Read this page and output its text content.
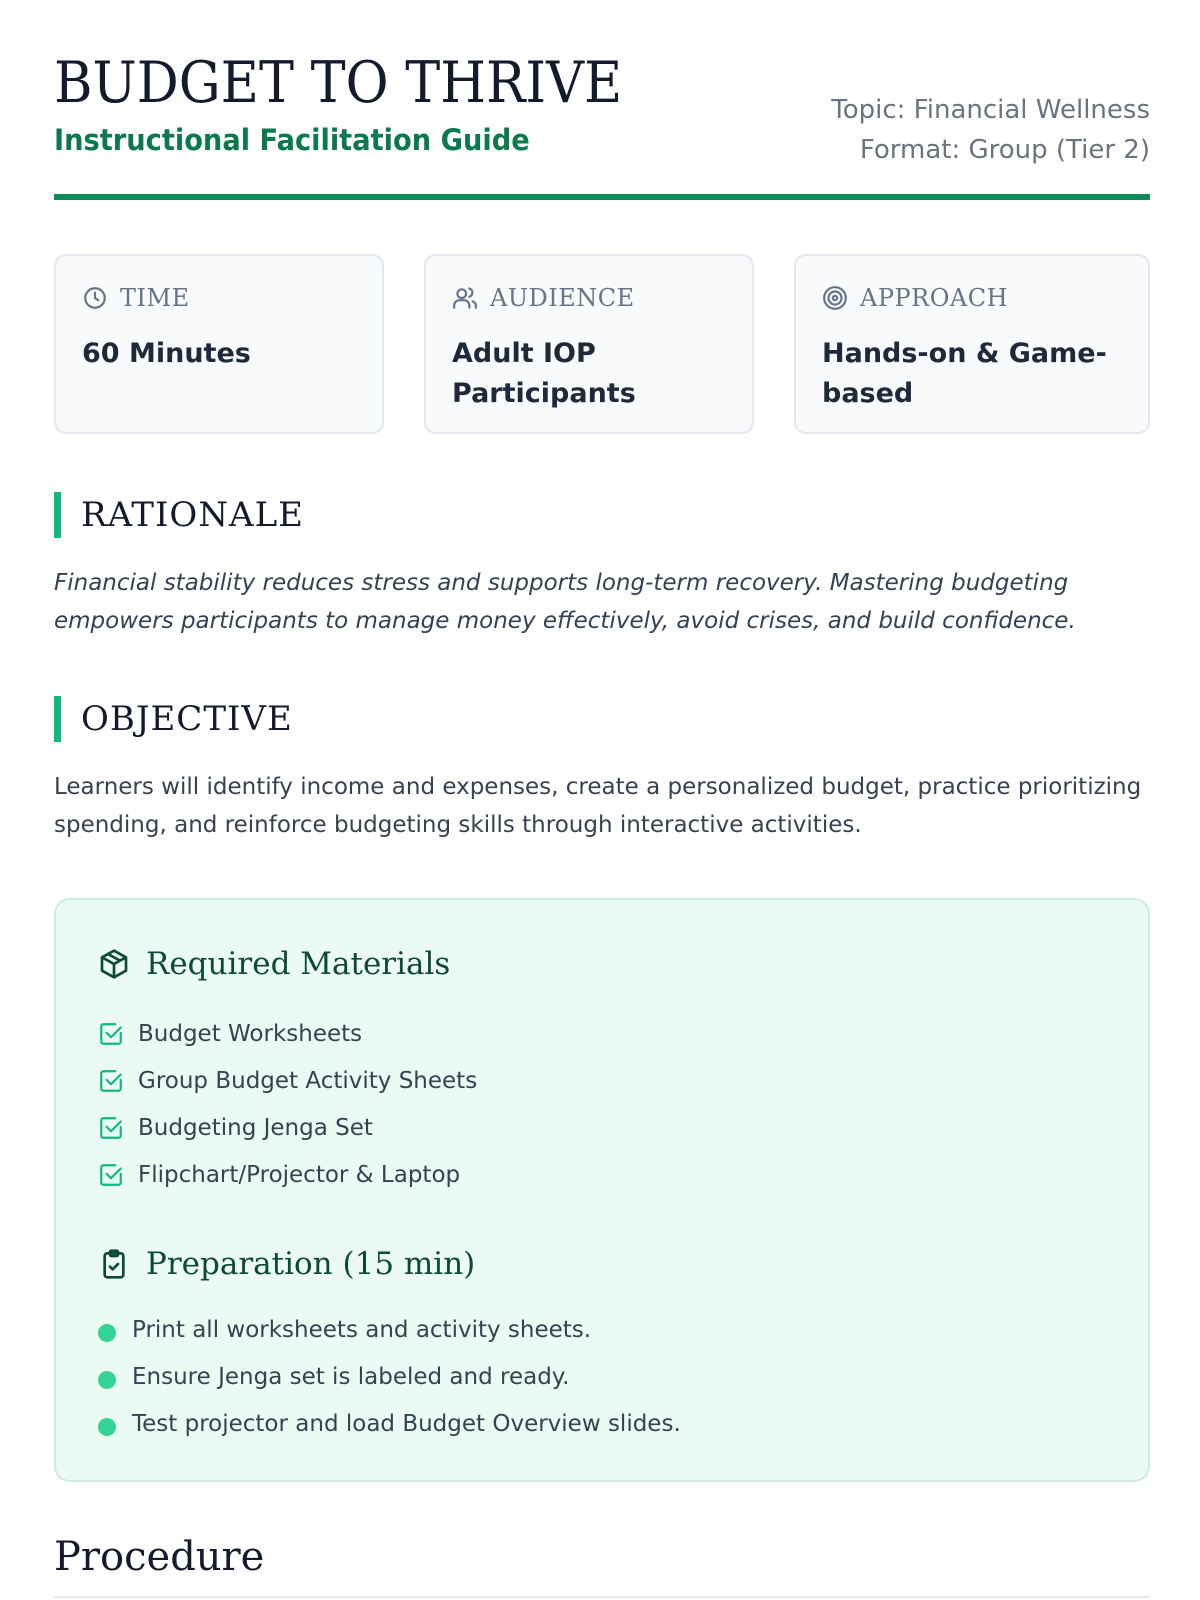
BUDGET TO THRIVE
Instructional Facilitation Guide
Topic: Financial Wellness
Format: Group (Tier 2)
TIME
60 Minutes
AUDIENCE
Adult IOP Participants
APPROACH
Hands-on & Game-based
RATIONALE
Financial stability reduces stress and supports long-term recovery. Mastering budgeting empowers participants to manage money effectively, avoid crises, and build confidence.
OBJECTIVE
Learners will identify income and expenses, create a personalized budget, practice prioritizing spending, and reinforce budgeting skills through interactive activities.
Required Materials
Budget Worksheets
Group Budget Activity Sheets
Budgeting Jenga Set
Flipchart/Projector & Laptop
Preparation (15 min)
Print all worksheets and activity sheets.
Ensure Jenga set is labeled and ready.
Test projector and load Budget Overview slides.
Procedure
